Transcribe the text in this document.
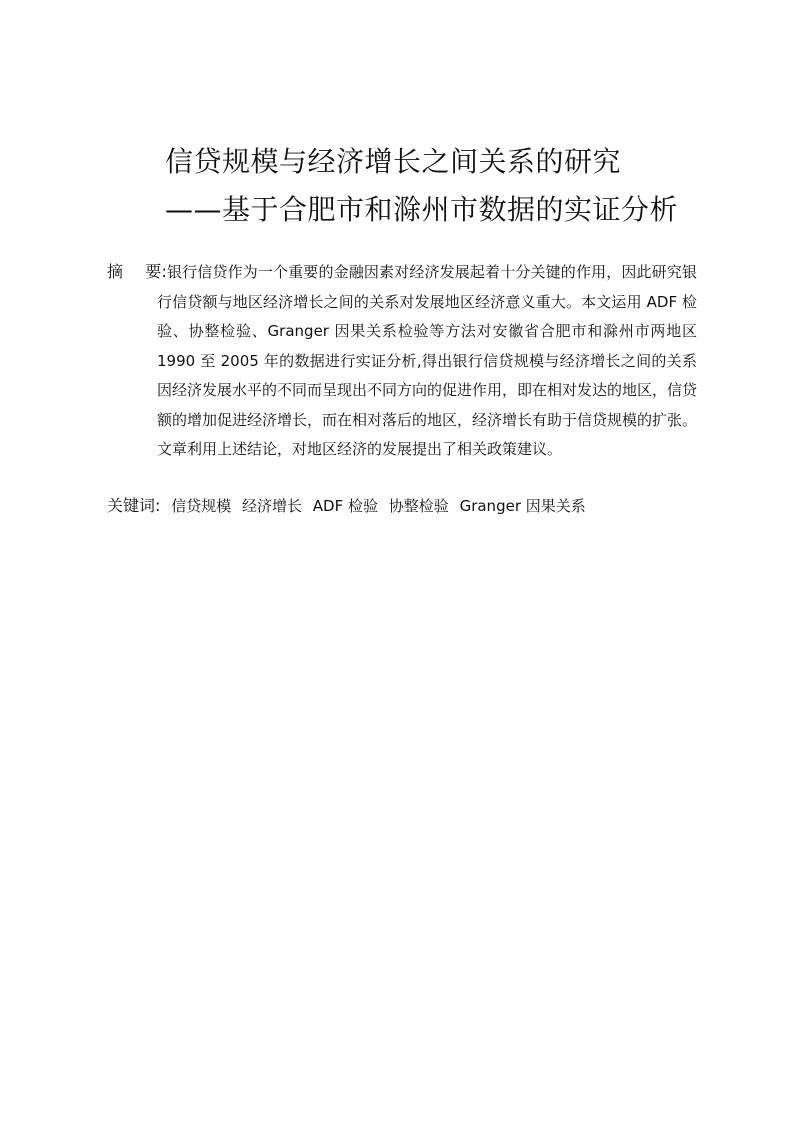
信贷规模与经济增长之间关系的研究
——基于合肥市和滁州市数据的实证分析
摘 要:银行信贷作为一个重要的金融因素对经济发展起着十分关键的作用，因此研究银行信贷额与地区经济增长之间的关系对发展地区经济意义重大。本文运用 ADF 检验、协整检验、Granger 因果关系检验等方法对安徽省合肥市和滁州市两地区 1990 至 2005 年的数据进行实证分析,得出银行信贷规模与经济增长之间的关系因经济发展水平的不同而呈现出不同方向的促进作用，即在相对发达的地区，信贷额的增加促进经济增长，而在相对落后的地区，经济增长有助于信贷规模的扩张。文章利用上述结论，对地区经济的发展提出了相关政策建议。
关键词: 信贷规模 经济增长 ADF 检验 协整检验 Granger 因果关系
